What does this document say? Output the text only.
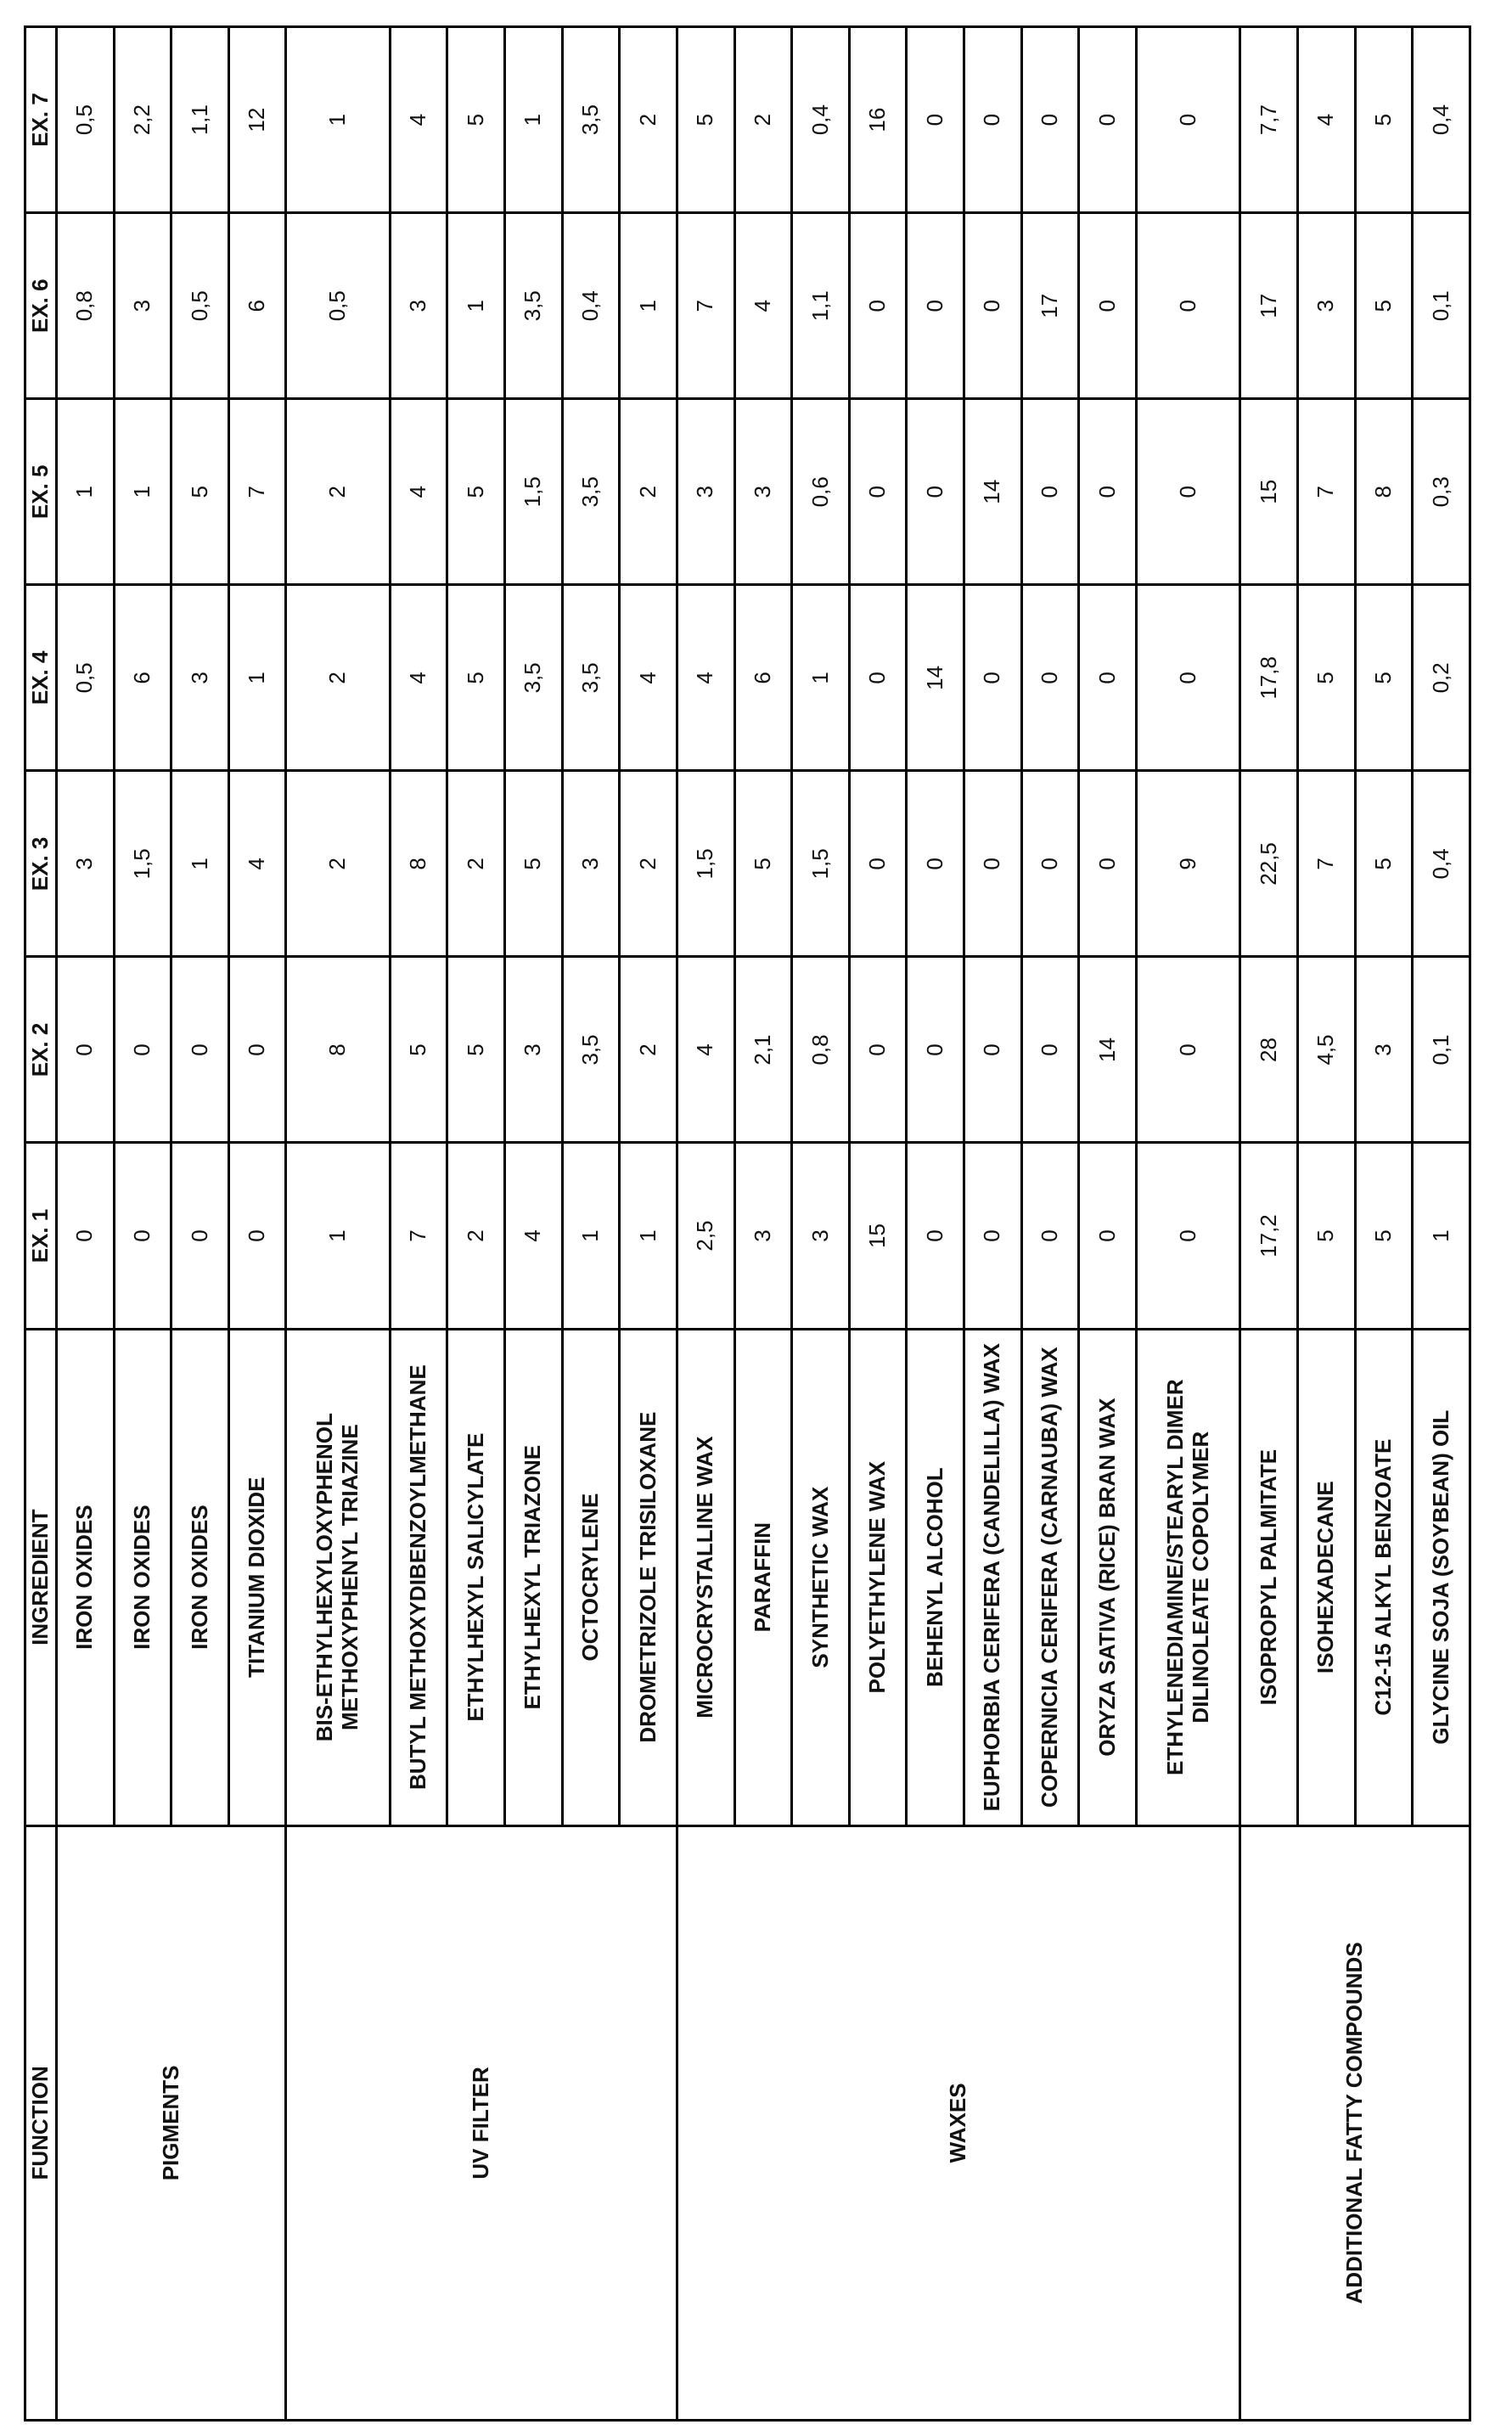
FUNCTION	INGREDIENT	EX. 1	EX. 2	EX. 3	EX. 4	EX. 5	EX. 6	EX. 7
PIGMENTS	IRON OXIDES	0	0	3	0,5	1	0,8	0,5
	IRON OXIDES	0	0	1,5	6	1	3	2,2
	IRON OXIDES	0	0	1	3	5	0,5	1,1
	TITANIUM DIOXIDE	0	0	4	1	7	6	12
UV FILTER	BIS-ETHYLHEXYLOXYPHENOL METHOXYPHENYL TRIAZINE	1	8	2	2	2	0,5	1
	BUTYL METHOXYDIBENZOYLMETHANE	7	5	8	4	4	3	4
	ETHYLHEXYL SALICYLATE	2	5	2	5	5	1	5
	ETHYLHEXYL TRIAZONE	4	3	5	3,5	1,5	3,5	1
	OCTOCRYLENE	1	3,5	3	3,5	3,5	0,4	3,5
	DROMETRIZOLE TRISILOXANE	1	2	2	4	2	1	2
WAXES	MICROCRYSTALLINE WAX	2,5	4	1,5	4	3	7	5
	PARAFFIN	3	2,1	5	6	3	4	2
	SYNTHETIC WAX	3	0,8	1,5	1	0,6	1,1	0,4
	POLYETHYLENE WAX	15	0	0	0	0	0	16
	BEHENYL ALCOHOL	0	0	0	14	0	0	0
	EUPHORBIA CERIFERA (CANDELILLA) WAX	0	0	0	0	14	0	0
	COPERNICIA CERIFERA (CARNAUBA) WAX	0	0	0	0	0	17	0
	ORYZA SATIVA (RICE) BRAN WAX	0	14	0	0	0	0	0
	ETHYLENEDIAMINE/STEARYL DIMER DILINOLEATE COPOLYMER	0	0	9	0	0	0	0
ADDITIONAL FATTY COMPOUNDS	ISOPROPYL PALMITATE	17,2	28	22,5	17,8	15	17	7,7
	ISOHEXADECANE	5	4,5	7	5	7	3	4
	C12-15 ALKYL BENZOATE	5	3	5	5	8	5	5
	GLYCINE SOJA (SOYBEAN) OIL	1	0,1	0,4	0,2	0,3	0,1	0,4
